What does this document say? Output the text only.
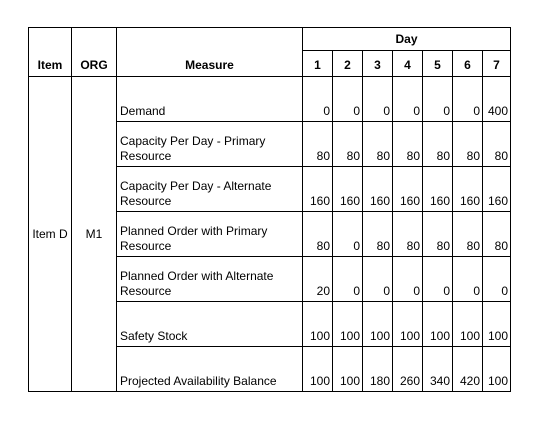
			Day						
Item	ORG	Measure	1	2	3	4	5	6	7
Item D	M1	Demand	0	0	0	0	0	0	400
		Capacity Per Day - Primary Resource	80	80	80	80	80	80	80
		Capacity Per Day - Alternate Resource	160	160	160	160	160	160	160
		Planned Order with Primary Resource	80	0	80	80	80	80	80
		Planned Order with Alternate Resource	20	0	0	0	0	0	0
		Safety Stock	100	100	100	100	100	100	100
		Projected Availability Balance	100	100	180	260	340	420	100
